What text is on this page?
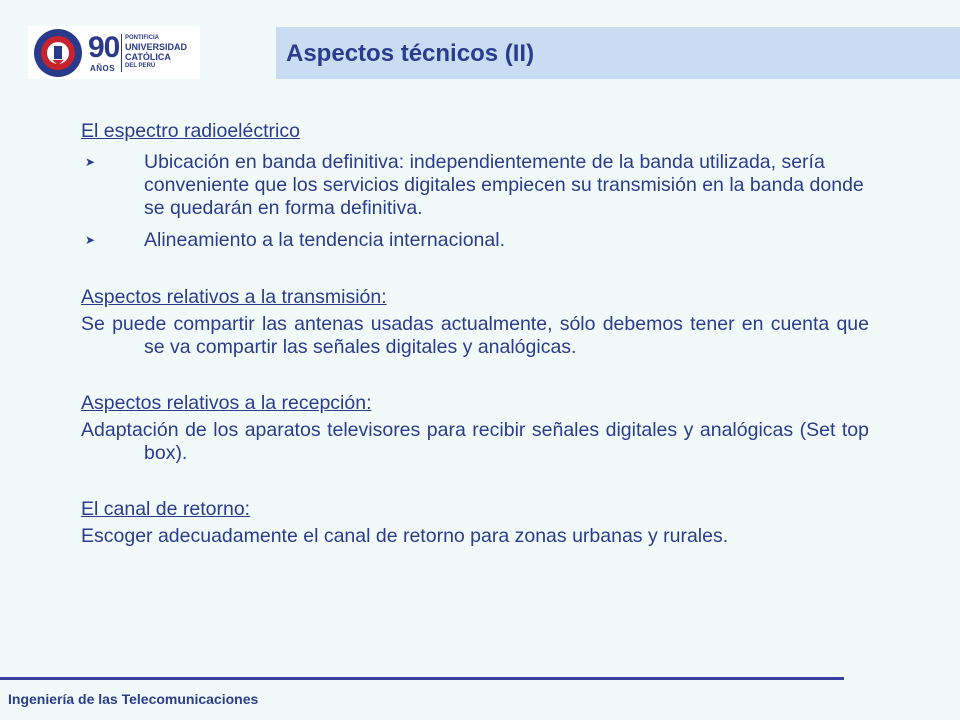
90
AÑOS
PONTIFICIA
UNIVERSIDAD
CATÓLICA
DEL PERÚ	Aspectos técnicos (II)

El espectro radioeléctrico

➤	Ubicación en banda definitiva: independientemente de la banda utilizada, sería conveniente que los servicios digitales empiecen su transmisión en la banda donde se quedarán en forma definitiva.
➤	Alineamiento a la tendencia internacional.

Aspectos relativos a la transmisión:

Se puede compartir las antenas usadas actualmente, sólo debemos tener en cuenta que se va compartir las señales digitales y analógicas.

Aspectos relativos a la recepción:

Adaptación de los aparatos televisores para recibir señales digitales y analógicas (Set top box).

El canal de retorno:

Escoger adecuadamente el canal de retorno para zonas urbanas y rurales.

Ingeniería de las Telecomunicaciones
